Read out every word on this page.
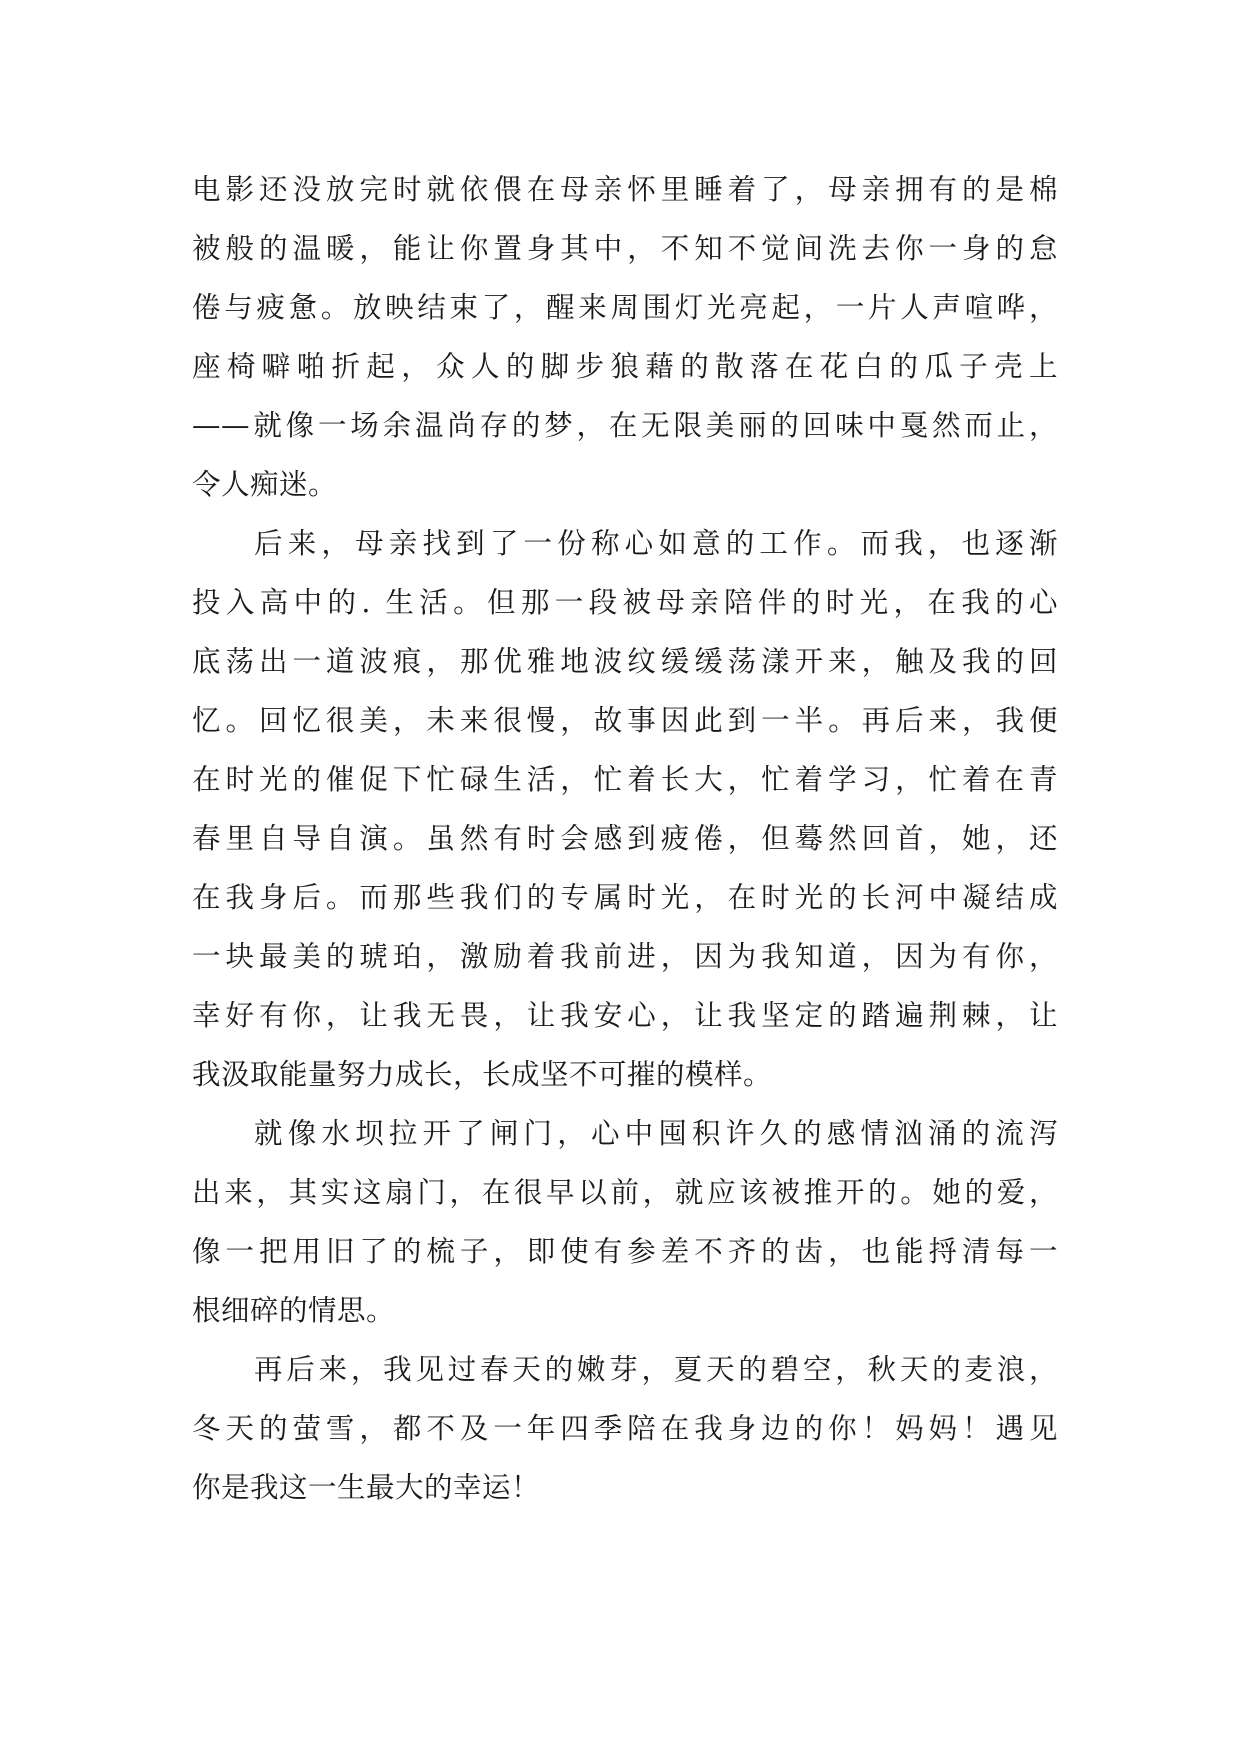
电影还没放完时就依偎在母亲怀里睡着了，母亲拥有的是棉
被般的温暖，能让你置身其中，不知不觉间洗去你一身的怠
倦与疲惫。放映结束了，醒来周围灯光亮起，一片人声喧哗，
座椅噼啪折起，众人的脚步狼藉的散落在花白的瓜子壳上
——就像一场余温尚存的梦，在无限美丽的回味中戛然而止，
令人痴迷。
后来，母亲找到了一份称心如意的工作。而我，也逐渐
投入高中的. 生活。但那一段被母亲陪伴的时光，在我的心
底荡出一道波痕，那优雅地波纹缓缓荡漾开来，触及我的回
忆。回忆很美，未来很慢，故事因此到一半。再后来，我便
在时光的催促下忙碌生活，忙着长大，忙着学习，忙着在青
春里自导自演。虽然有时会感到疲倦，但蓦然回首，她，还
在我身后。而那些我们的专属时光，在时光的长河中凝结成
一块最美的琥珀，激励着我前进，因为我知道，因为有你，
幸好有你，让我无畏，让我安心，让我坚定的踏遍荆棘，让
我汲取能量努力成长，长成坚不可摧的模样。
就像水坝拉开了闸门，心中囤积许久的感情汹涌的流泻
出来，其实这扇门，在很早以前，就应该被推开的。她的爱，
像一把用旧了的梳子，即使有参差不齐的齿，也能捋清每一
根细碎的情思。
再后来，我见过春天的嫩芽，夏天的碧空，秋天的麦浪，
冬天的萤雪，都不及一年四季陪在我身边的你！妈妈！遇见
你是我这一生最大的幸运！
